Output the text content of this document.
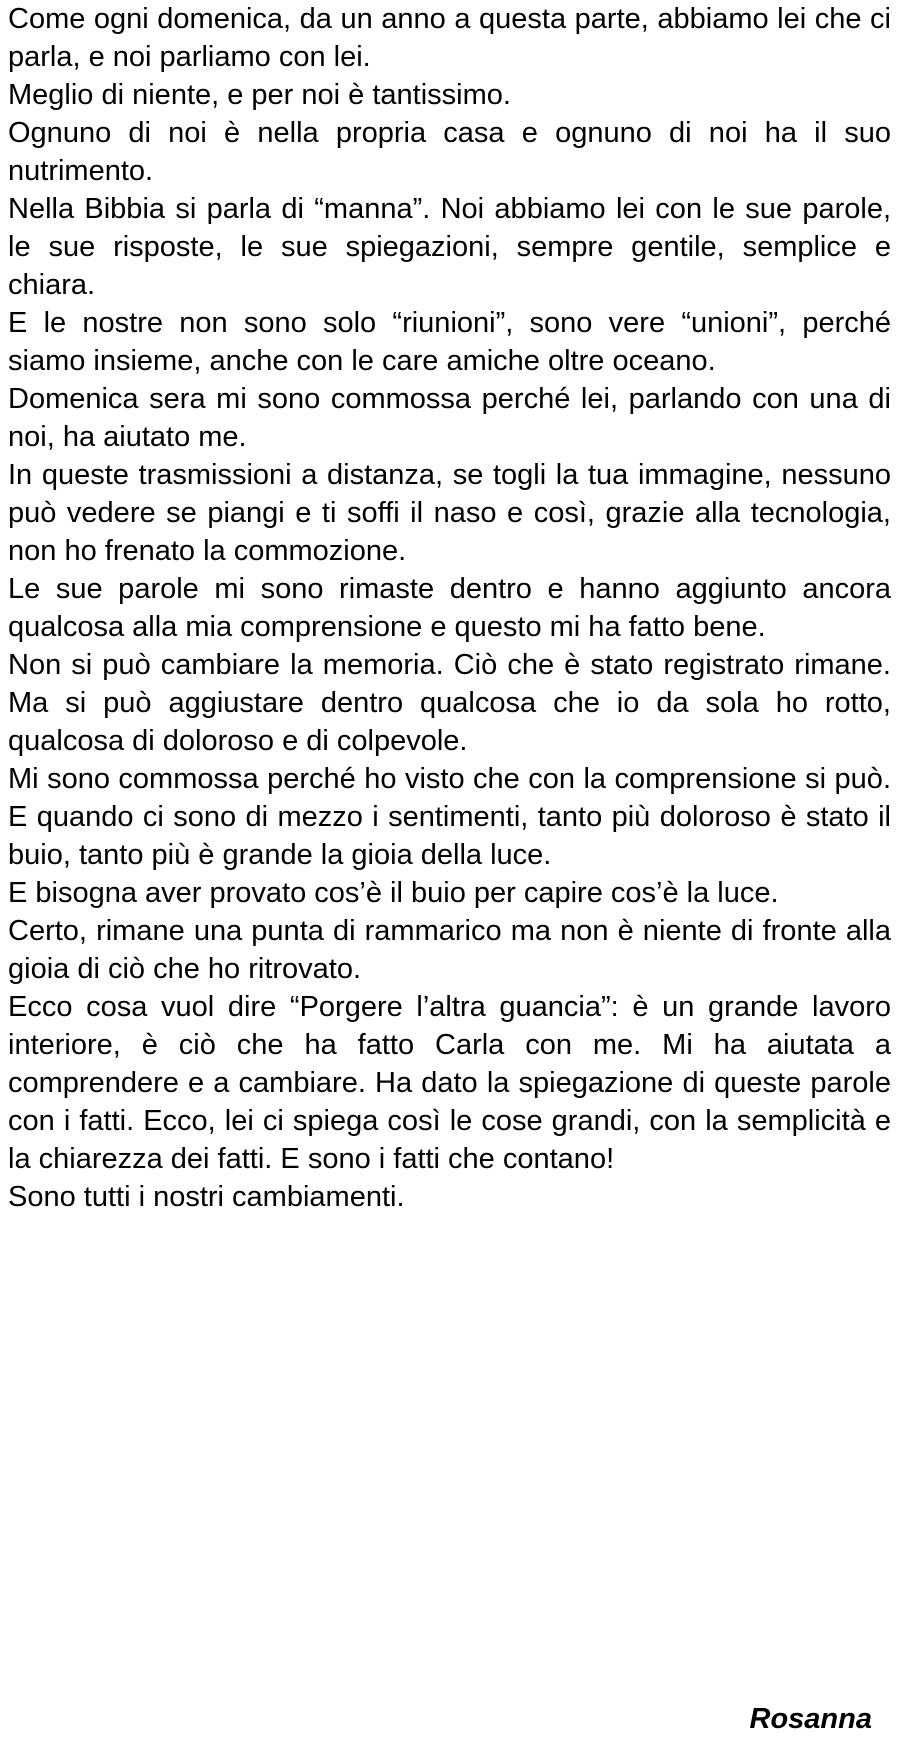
Come ogni domenica, da un anno a questa parte, abbiamo lei che ci parla, e noi parliamo con lei.

Meglio di niente, e per noi è tantissimo.

Ognuno di noi è nella propria casa e ognuno di noi ha il suo nutrimento.

Nella Bibbia si parla di “manna”. Noi abbiamo lei con le sue parole, le sue risposte, le sue spiegazioni, sempre gentile, semplice e chiara.

E le nostre non sono solo “riunioni”, sono vere “unioni”, perché siamo insieme, anche con le care amiche oltre oceano.

Domenica sera mi sono commossa perché lei, parlando con una di noi, ha aiutato me.

In queste trasmissioni a distanza, se togli la tua immagine, nessuno può vedere se piangi e ti soffi il naso e così, grazie alla tecnologia, non ho frenato la commozione.

Le sue parole mi sono rimaste dentro e hanno aggiunto ancora qualcosa alla mia comprensione e questo mi ha fatto bene.

Non si può cambiare la memoria. Ciò che è stato registrato rimane. Ma si può aggiustare dentro qualcosa che io da sola ho rotto, qualcosa di doloroso e di colpevole.

Mi sono commossa perché ho visto che con la comprensione si può. E quando ci sono di mezzo i sentimenti, tanto più doloroso è stato il buio, tanto più è grande la gioia della luce.

E bisogna aver provato cos’è il buio per capire cos’è la luce.

Certo, rimane una punta di rammarico ma non è niente di fronte alla gioia di ciò che ho ritrovato.

Ecco cosa vuol dire “Porgere l’altra guancia”: è un grande lavoro interiore, è ciò che ha fatto Carla con me. Mi ha aiutata a comprendere e a cambiare. Ha dato la spiegazione di queste parole con i fatti. Ecco, lei ci spiega così le cose grandi, con la semplicità e la chiarezza dei fatti. E sono i fatti che contano!

Sono tutti i nostri cambiamenti.

Rosanna
